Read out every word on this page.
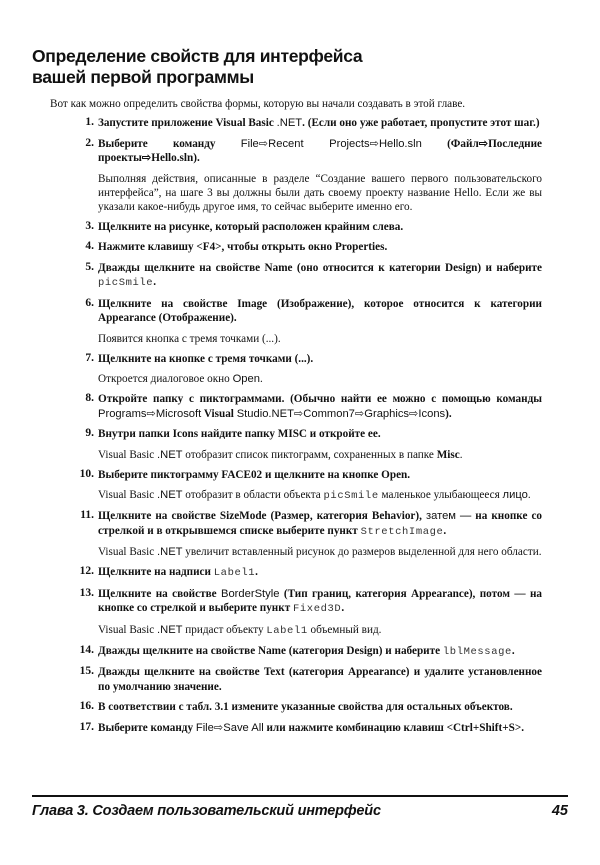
Определение свойств для интерфейса
вашей первой программы
Вот как можно определить свойства формы, которую вы начали создавать в этой главе.
1. Запустите приложение Visual Basic .NET. (Если оно уже работает, пропустите этот шаг.)
2. Выберите команду File⇨Recent Projects⇨Hello.sln (Файл⇨Последние проекты⇨Hello.sln).
Выполняя действия, описанные в разделе “Создание вашего первого пользовательского интерфейса”, на шаге 3 вы должны были дать своему проекту название Hello. Если же вы указали какое-нибудь другое имя, то сейчас выберите именно его.
3. Щелкните на рисунке, который расположен крайним слева.
4. Нажмите клавишу <F4>, чтобы открыть окно Properties.
5. Дважды щелкните на свойстве Name (оно относится к категории Design) и наберите picSmile.
6. Щелкните на свойстве Image (Изображение), которое относится к категории Appearance (Отображение).
Появится кнопка с тремя точками (...).
7. Щелкните на кнопке с тремя точками (...).
Откроется диалоговое окно Open.
8. Откройте папку с пиктограммами. (Обычно найти ее можно с помощью команды Programs⇨Microsoft Visual Studio.NET⇨Common7⇨Graphics⇨Icons).
9. Внутри папки Icons найдите папку MISC и откройте ее.
Visual Basic .NET отобразит список пиктограмм, сохраненных в папке Misc.
10. Выберите пиктограмму FACE02 и щелкните на кнопке Open.
Visual Basic .NET отобразит в области объекта picSmile маленькое улыбающееся лицо.
11. Щелкните на свойстве SizeMode (Размер, категория Behavior), затем — на кнопке со стрелкой и в открывшемся списке выберите пункт StretchImage.
Visual Basic .NET увеличит вставленный рисунок до размеров выделенной для него области.
12. Щелкните на надписи Label1.
13. Щелкните на свойстве BorderStyle (Тип границ, категория Appearance), потом — на кнопке со стрелкой и выберите пункт Fixed3D.
Visual Basic .NET придаст объекту Label1 объемный вид.
14. Дважды щелкните на свойстве Name (категория Design) и наберите lblMessage.
15. Дважды щелкните на свойстве Text (категория Appearance) и удалите установленное по умолчанию значение.
16. В соответствии с табл. 3.1 измените указанные свойства для остальных объектов.
17. Выберите команду File⇨Save All или нажмите комбинацию клавиш <Ctrl+Shift+S>.
Глава 3. Создаем пользовательский интерфейс	45
